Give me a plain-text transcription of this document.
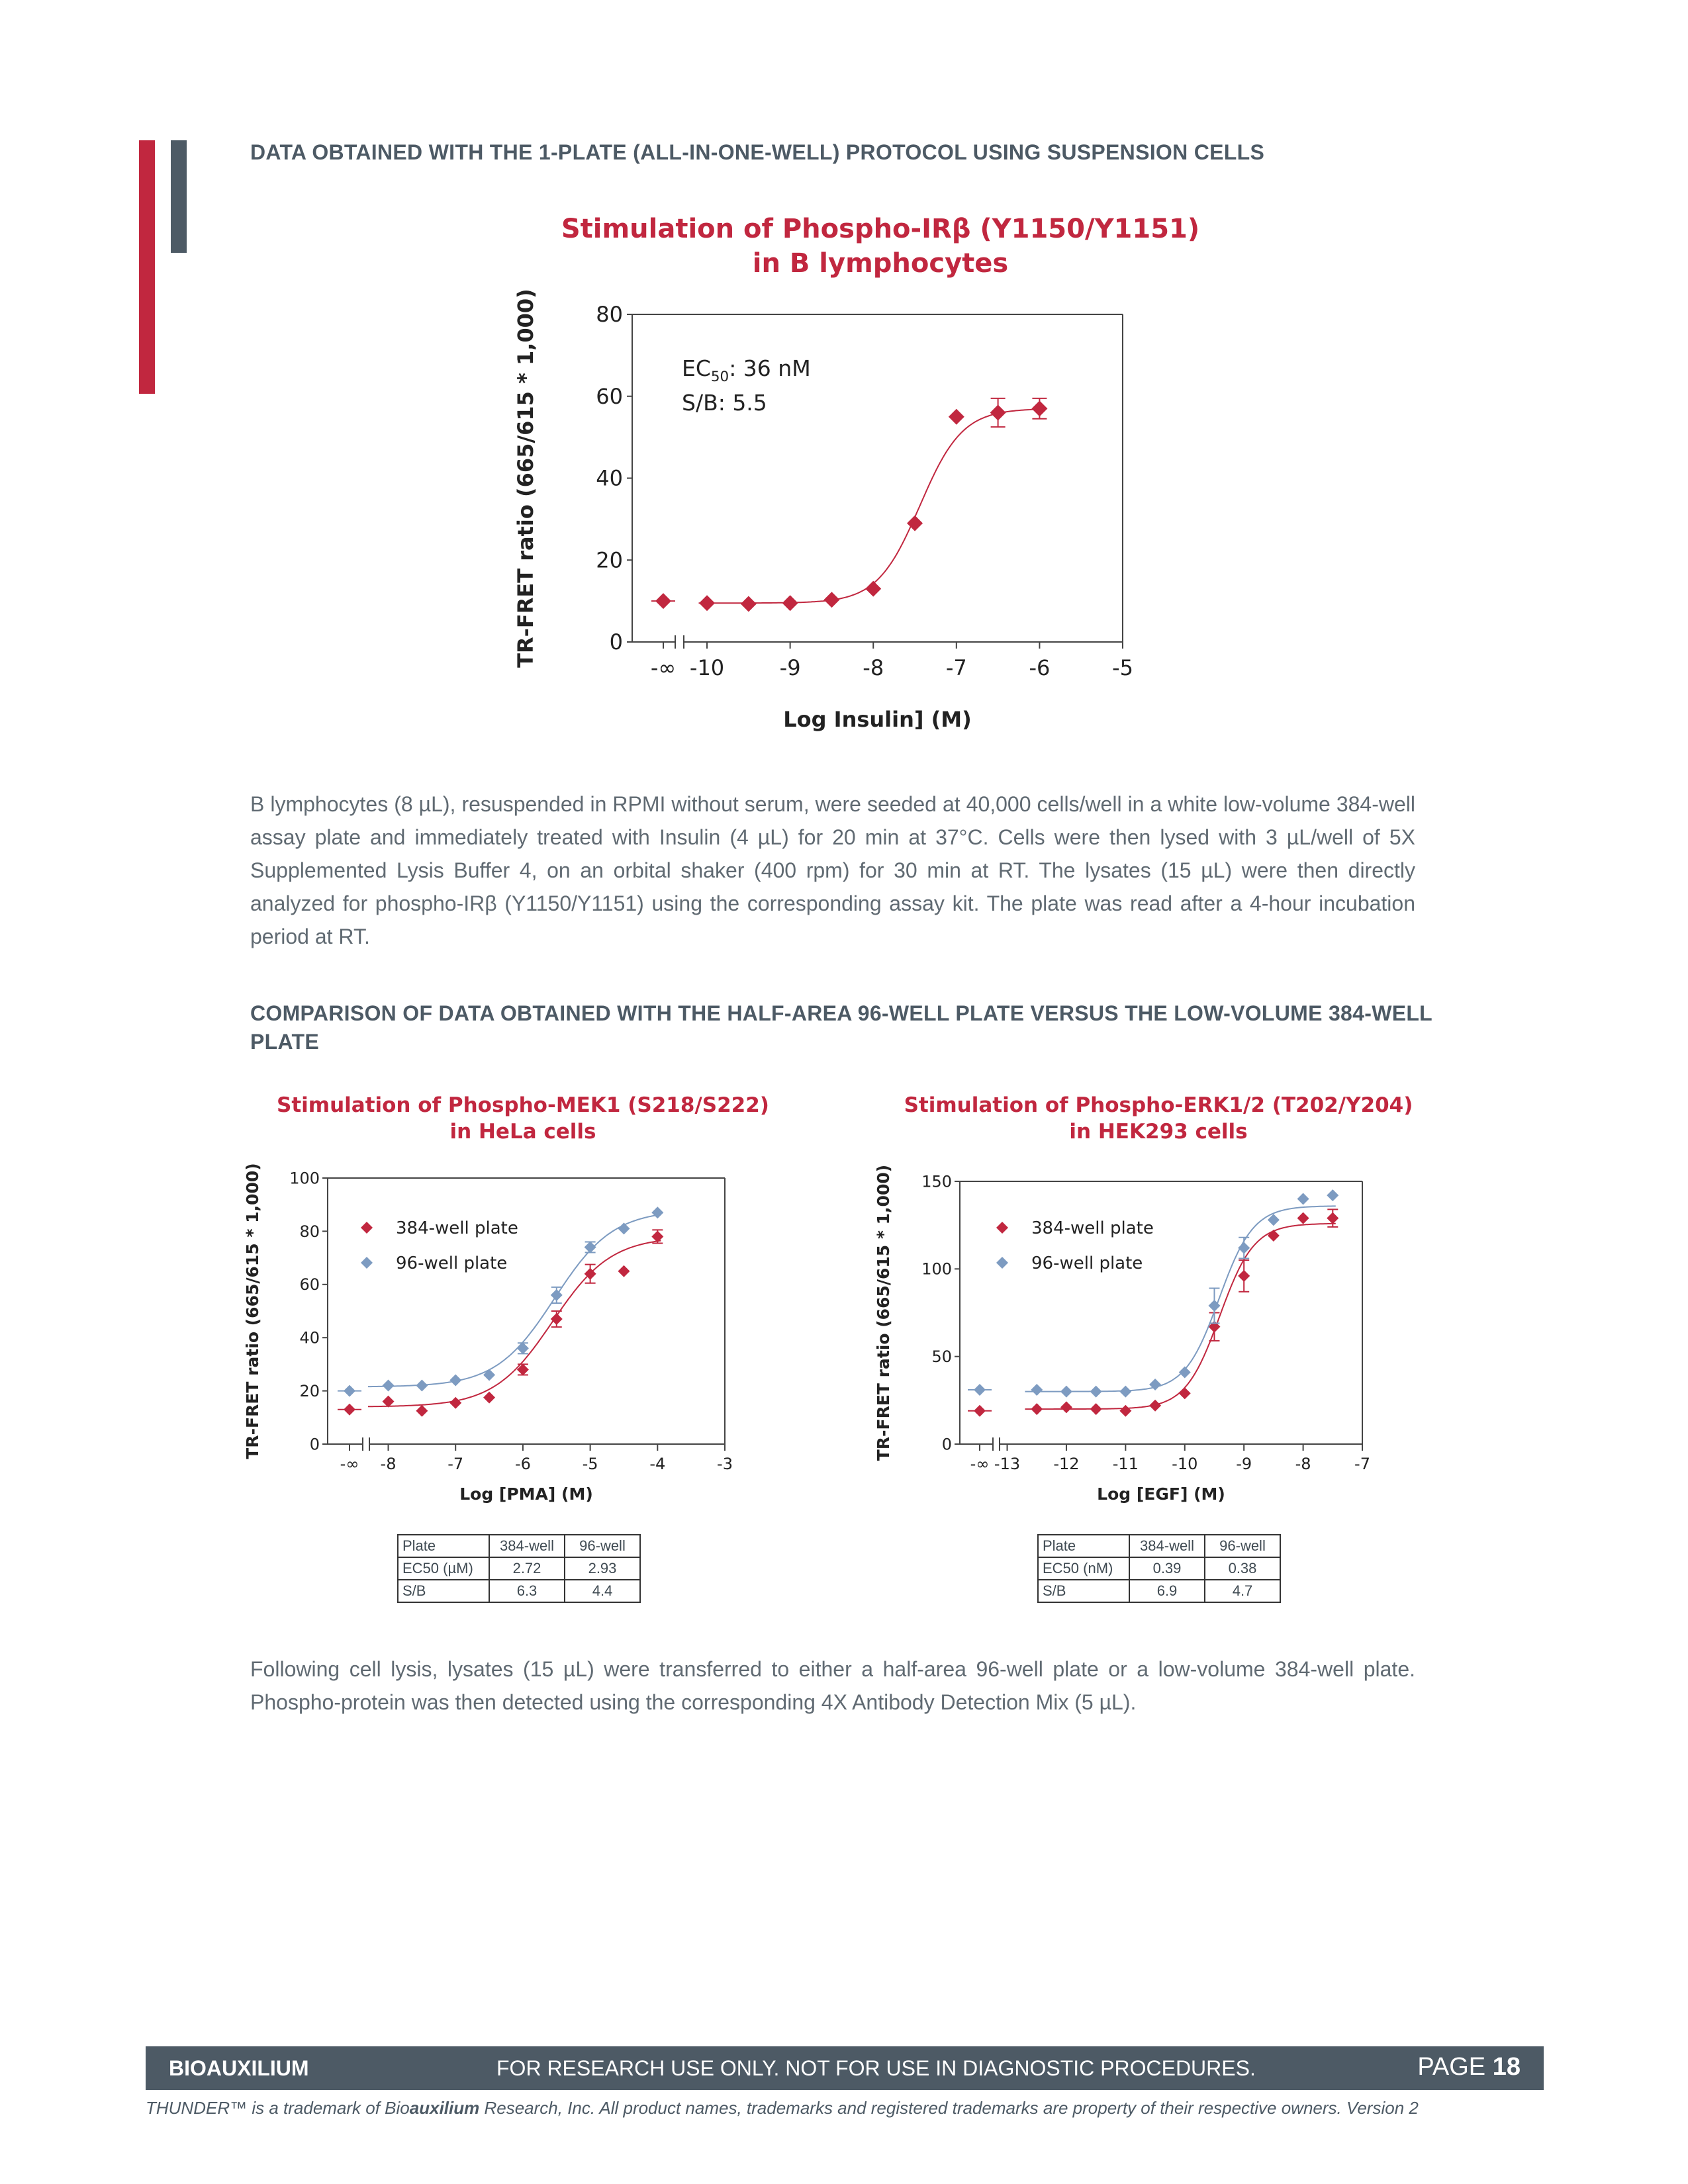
DATA OBTAINED WITH THE 1-PLATE (ALL-IN-ONE-WELL) PROTOCOL USING SUSPENSION CELLS
Stimulation of Phospho-IRβ (Y1150/Y1151)
in B lymphocytes
0
20
40
60
80
-∞ -10	-9	-8	-7	-6	-5
Log Insulin] (M)
TR-FRET ratio (665/615 * 1,000)	$EC_{50}$: 36 nM
S/B: 5.5
0
20
40
60
80
100
-∞ -8	-7	-6	-5	-4	-3
Log [PMA] (M)
TR-FRET ratio (665/615 * 1,000)	384-well plate
96-well plate
0
50
100
150
-∞ -13 -12 -11 -10 -9	-8	-7
Log [EGF] (M)
TR-FRET ratio (665/615 * 1,000)	384-well plate
96-well plate
B lymphocytes (8 µL), resuspended in RPMI without serum, were seeded at 40,000 cells/well in a white low-volume 384-well assay plate and immediately treated with Insulin (4 µL) for 20 min at 37°C. Cells were then lysed with 3 µL/well of 5X Supplemented Lysis Buffer 4, on an orbital shaker (400 rpm) for 30 min at RT. The lysates (15 µL) were then directly analyzed for phospho-IRβ (Y1150/Y1151) using the corresponding assay kit. The plate was read after a 4-hour incubation period at RT.
COMPARISON OF DATA OBTAINED WITH THE HALF-AREA 96-WELL PLATE VERSUS THE LOW-VOLUME 384-WELL PLATE
Stimulation of Phospho-MEK1 (S218/S222)
in HeLa cells
Stimulation of Phospho-ERK1/2 (T202/Y204)
in HEK293 cells
Plate	384-well	96-well
EC50 (µM)	2.72	2.93
S/B	6.3	4.4
Plate	384-well	96-well
EC50 (nM)	0.39	0.38
S/B	6.9	4.7
Following cell lysis, lysates (15 µL) were transferred to either a half-area 96-well plate or a low-volume 384-well plate. Phospho-protein was then detected using the corresponding 4X Antibody Detection Mix (5 µL).
BIOAUXILIUM	FOR RESEARCH USE ONLY. NOT FOR USE IN DIAGNOSTIC PROCEDURES.	PAGE 18
THUNDER™ is a trademark of Bioauxilium Research, Inc. All product names, trademarks and registered trademarks are property of their respective owners. Version 2
